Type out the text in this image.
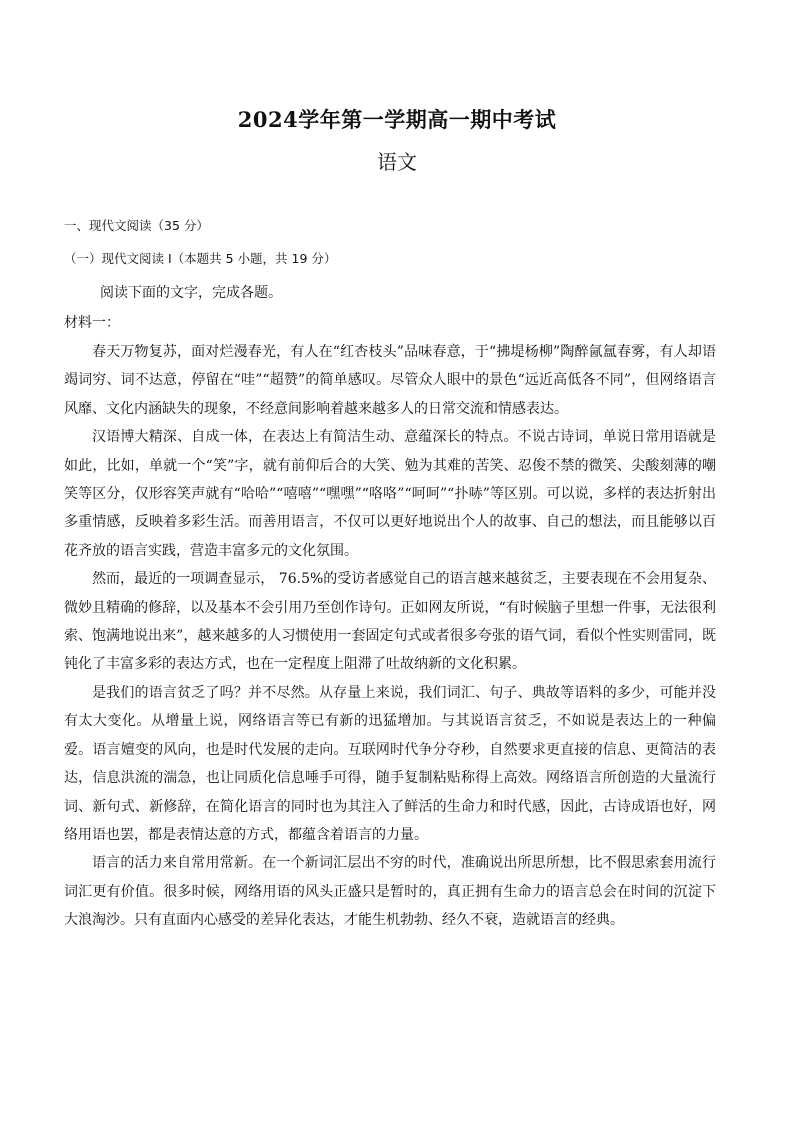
2024学年第一学期高一期中考试
语文
一、现代文阅读（35 分）
（一）现代文阅读 I（本题共 5 小题，共 19 分）
阅读下面的文字，完成各题。
材料一：

春天万物复苏，面对烂漫春光，有人在“红杏枝头”品味春意，于“拂堤杨柳”陶醉氤氲春雾，有人却语竭词穷、词不达意，停留在“哇”“超赞”的简单感叹。尽管众人眼中的景色“远近高低各不同”，但网络语言风靡、文化内涵缺失的现象，不经意间影响着越来越多人的日常交流和情感表达。

汉语博大精深、自成一体，在表达上有简洁生动、意蕴深长的特点。不说古诗词，单说日常用语就是如此，比如，单就一个“笑”字，就有前仰后合的大笑、勉为其难的苦笑、忍俊不禁的微笑、尖酸刻薄的嘲笑等区分，仅形容笑声就有“哈哈”“嘻嘻”“嘿嘿”“咯咯”“呵呵”“扑哧”等区别。可以说，多样的表达折射出多重情感，反映着多彩生活。而善用语言，不仅可以更好地说出个人的故事、自己的想法，而且能够以百花齐放的语言实践，营造丰富多元的文化氛围。

然而，最近的一项调查显示， 76.5%的受访者感觉自己的语言越来越贫乏，主要表现在不会用复杂、微妙且精确的修辞，以及基本不会引用乃至创作诗句。正如网友所说，“有时候脑子里想一件事，无法很利索、饱满地说出来”，越来越多的人习惯使用一套固定句式或者很多夸张的语气词，看似个性实则雷同，既钝化了丰富多彩的表达方式，也在一定程度上阻滞了吐故纳新的文化积累。

是我们的语言贫乏了吗？并不尽然。从存量上来说，我们词汇、句子、典故等语料的多少，可能并没有太大变化。从增量上说，网络语言等已有新的迅猛增加。与其说语言贫乏，不如说是表达上的一种偏爱。语言嬗变的风向，也是时代发展的走向。互联网时代争分夺秒，自然要求更直接的信息、更简洁的表达，信息洪流的湍急，也让同质化信息唾手可得，随手复制粘贴称得上高效。网络语言所创造的大量流行词、新句式、新修辞，在简化语言的同时也为其注入了鲜活的生命力和时代感，因此，古诗成语也好，网络用语也罢，都是表情达意的方式，都蕴含着语言的力量。

语言的活力来自常用常新。在一个新词汇层出不穷的时代，准确说出所思所想，比不假思索套用流行词汇更有价值。很多时候，网络用语的风头正盛只是暂时的，真正拥有生命力的语言总会在时间的沉淀下大浪淘沙。只有直面内心感受的差异化表达，才能生机勃勃、经久不衰，造就语言的经典。
